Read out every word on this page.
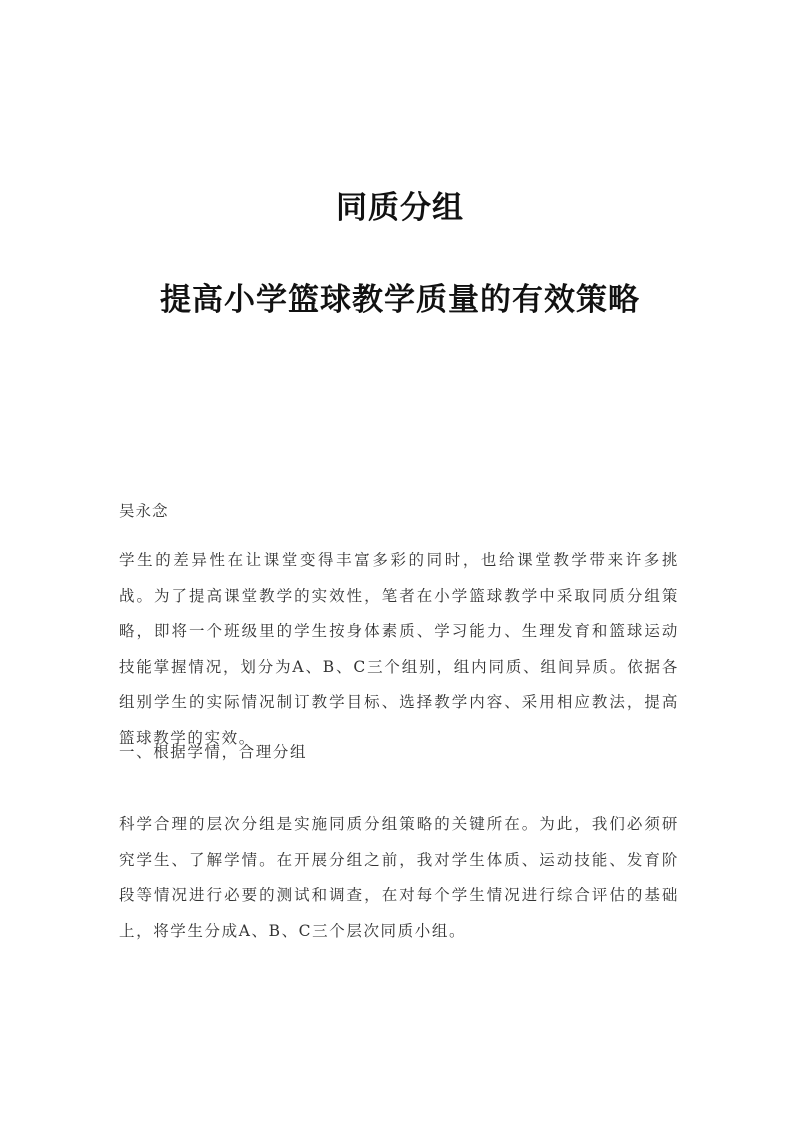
同质分组
提高小学篮球教学质量的有效策略

吴永念

学生的差异性在让课堂变得丰富多彩的同时，也给课堂教学带来许多挑战。为了提高课堂教学的实效性，笔者在小学篮球教学中采取同质分组策略，即将一个班级里的学生按身体素质、学习能力、生理发育和篮球运动技能掌握情况，划分为A、B、C三个组别，组内同质、组间异质。依据各组别学生的实际情况制订教学目标、选择教学内容、采用相应教法，提高篮球教学的实效。

一、根据学情，合理分组

科学合理的层次分组是实施同质分组策略的关键所在。为此，我们必须研究学生、了解学情。在开展分组之前，我对学生体质、运动技能、发育阶段等情况进行必要的测试和调查，在对每个学生情况进行综合评估的基础上，将学生分成A、B、C三个层次同质小组。
